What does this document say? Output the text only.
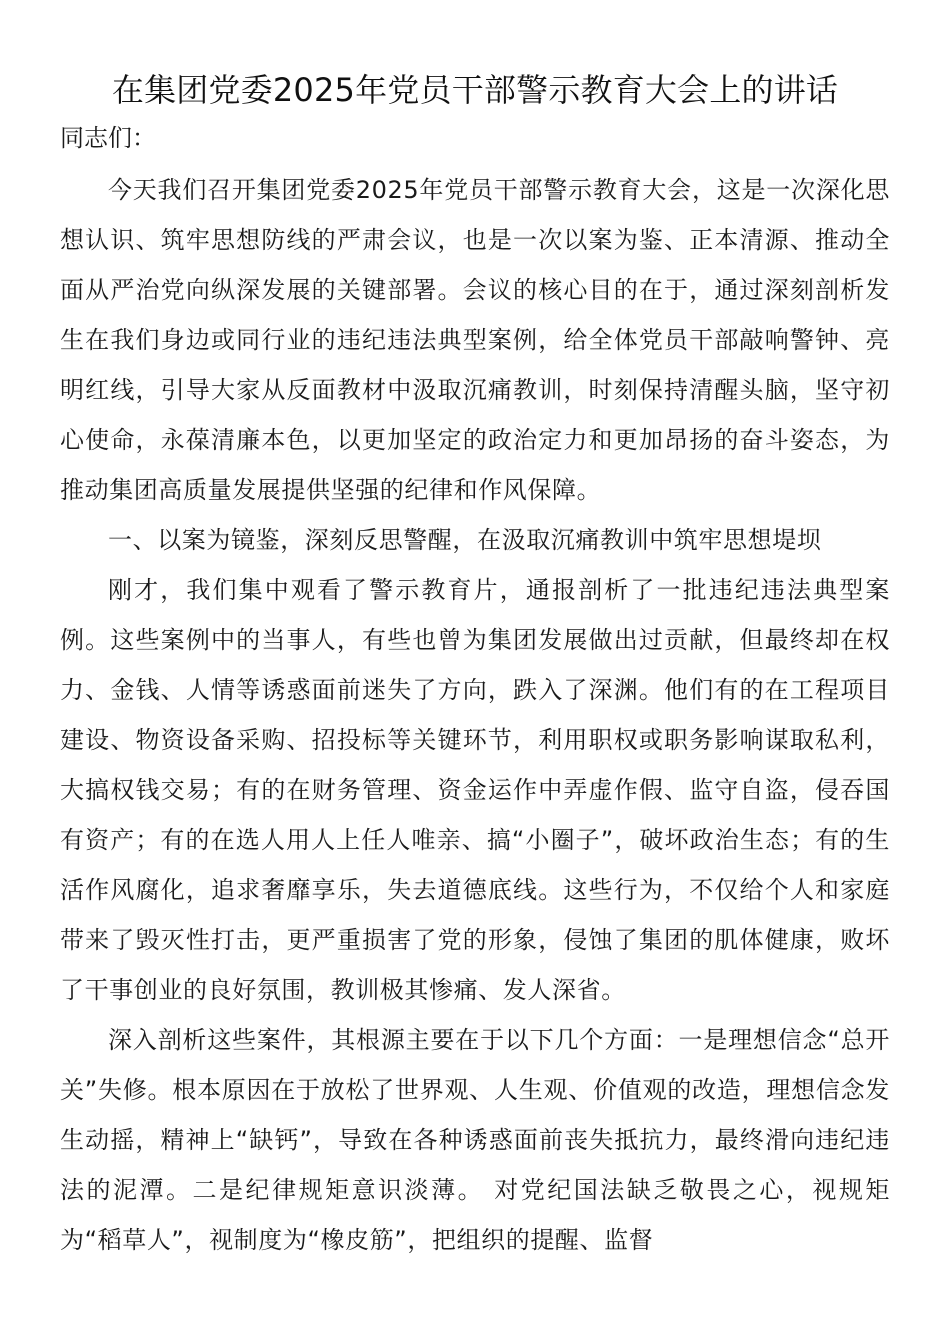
在集团党委2025年党员干部警示教育大会上的讲话
同志们：

今天我们召开集团党委2025年党员干部警示教育大会，这是一次深化思想认识、筑牢思想防线的严肃会议，也是一次以案为鉴、正本清源、推动全面从严治党向纵深发展的关键部署。会议的核心目的在于，通过深刻剖析发生在我们身边或同行业的违纪违法典型案例，给全体党员干部敲响警钟、亮明红线，引导大家从反面教材中汲取沉痛教训，时刻保持清醒头脑，坚守初心使命，永葆清廉本色，以更加坚定的政治定力和更加昂扬的奋斗姿态，为推动集团高质量发展提供坚强的纪律和作风保障。

一、以案为镜鉴，深刻反思警醒，在汲取沉痛教训中筑牢思想堤坝

刚才，我们集中观看了警示教育片，通报剖析了一批违纪违法典型案例。这些案例中的当事人，有些也曾为集团发展做出过贡献，但最终却在权力、金钱、人情等诱惑面前迷失了方向，跌入了深渊。他们有的在工程项目建设、物资设备采购、招投标等关键环节，利用职权或职务影响谋取私利，大搞权钱交易；有的在财务管理、资金运作中弄虚作假、监守自盗，侵吞国有资产；有的在选人用人上任人唯亲、搞“小圈子”，破坏政治生态；有的生活作风腐化，追求奢靡享乐，失去道德底线。这些行为，不仅给个人和家庭带来了毁灭性打击，更严重损害了党的形象，侵蚀了集团的肌体健康，败坏了干事创业的良好氛围，教训极其惨痛、发人深省。

深入剖析这些案件，其根源主要在于以下几个方面：一是理想信念“总开关”失修。根本原因在于放松了世界观、人生观、价值观的改造，理想信念发生动摇，精神上“缺钙”，导致在各种诱惑面前丧失抵抗力，最终滑向违纪违法的泥潭。二是纪律规矩意识淡薄。 对党纪国法缺乏敬畏之心，视规矩为“稻草人”，视制度为“橡皮筋”，把组织的提醒、监督
